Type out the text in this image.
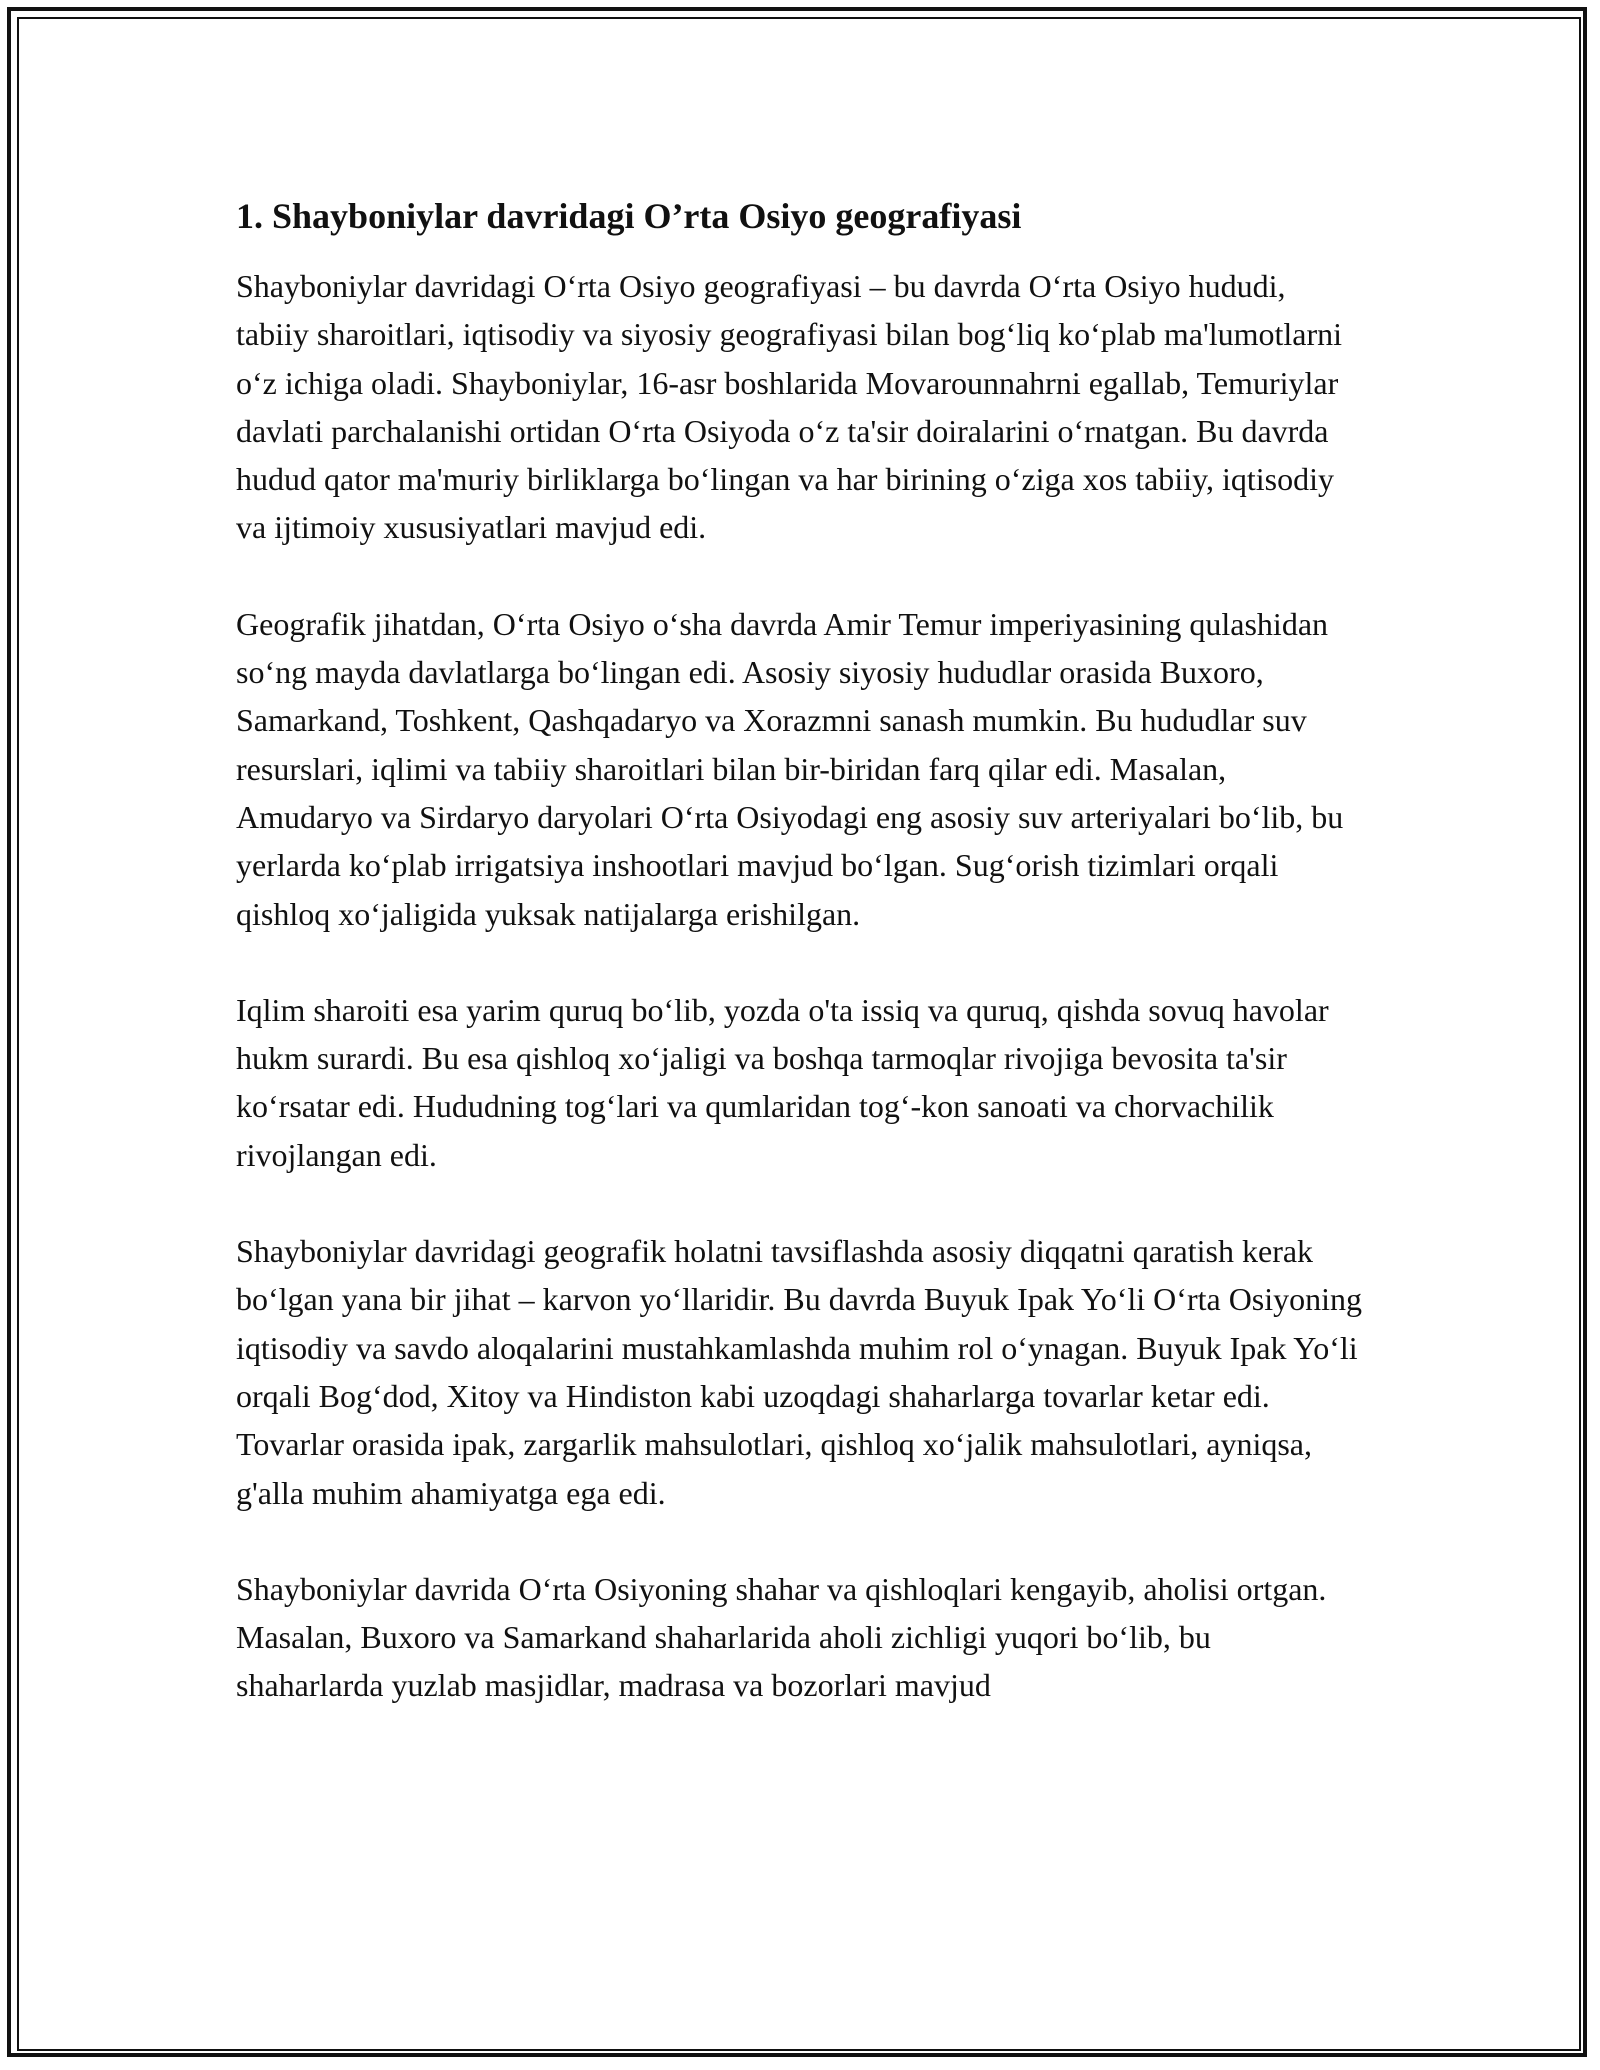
1. Shayboniylar davridagi O’rta Osiyo geografiyasi

Shayboniylar davridagi Oʻrta Osiyo geografiyasi – bu davrda Oʻrta Osiyo hududi, tabiiy sharoitlari, iqtisodiy va siyosiy geografiyasi bilan bogʻliq koʻplab ma'lumotlarni oʻz ichiga oladi. Shayboniylar, 16-asr boshlarida Movarounnahrni egallab, Temuriylar davlati parchalanishi ortidan Oʻrta Osiyoda oʻz ta'sir doiralarini oʻrnatgan. Bu davrda hudud qator ma'muriy birliklarga boʻlingan va har birining oʻziga xos tabiiy, iqtisodiy va ijtimoiy xususiyatlari mavjud edi.

Geografik jihatdan, Oʻrta Osiyo oʻsha davrda Amir Temur imperiyasining qulashidan soʻng mayda davlatlarga boʻlingan edi. Asosiy siyosiy hududlar orasida Buxoro, Samarkand, Toshkent, Qashqadaryo va Xorazmni sanash mumkin. Bu hududlar suv resurslari, iqlimi va tabiiy sharoitlari bilan bir-biridan farq qilar edi. Masalan, Amudaryo va Sirdaryo daryolari Oʻrta Osiyodagi eng asosiy suv arteriyalari boʻlib, bu yerlarda koʻplab irrigatsiya inshootlari mavjud boʻlgan. Sugʻorish tizimlari orqali qishloq xoʻjaligida yuksak natijalarga erishilgan.

Iqlim sharoiti esa yarim quruq boʻlib, yozda o'ta issiq va quruq, qishda sovuq havolar hukm surardi. Bu esa qishloq xoʻjaligi va boshqa tarmoqlar rivojiga bevosita ta'sir koʻrsatar edi. Hududning togʻlari va qumlaridan togʻ-kon sanoati va chorvachilik rivojlangan edi.

Shayboniylar davridagi geografik holatni tavsiflashda asosiy diqqatni qaratish kerak boʻlgan yana bir jihat – karvon yoʻllaridir. Bu davrda Buyuk Ipak Yoʻli Oʻrta Osiyoning iqtisodiy va savdo aloqalarini mustahkamlashda muhim rol oʻynagan. Buyuk Ipak Yoʻli orqali Bogʻdod, Xitoy va Hindiston kabi uzoqdagi shaharlarga tovarlar ketar edi. Tovarlar orasida ipak, zargarlik mahsulotlari, qishloq xoʻjalik mahsulotlari, ayniqsa, g'alla muhim ahamiyatga ega edi.

Shayboniylar davrida Oʻrta Osiyoning shahar va qishloqlari kengayib, aholisi ortgan. Masalan, Buxoro va Samarkand shaharlarida aholi zichligi yuqori boʻlib, bu shaharlarda yuzlab masjidlar, madrasa va bozorlari mavjud
